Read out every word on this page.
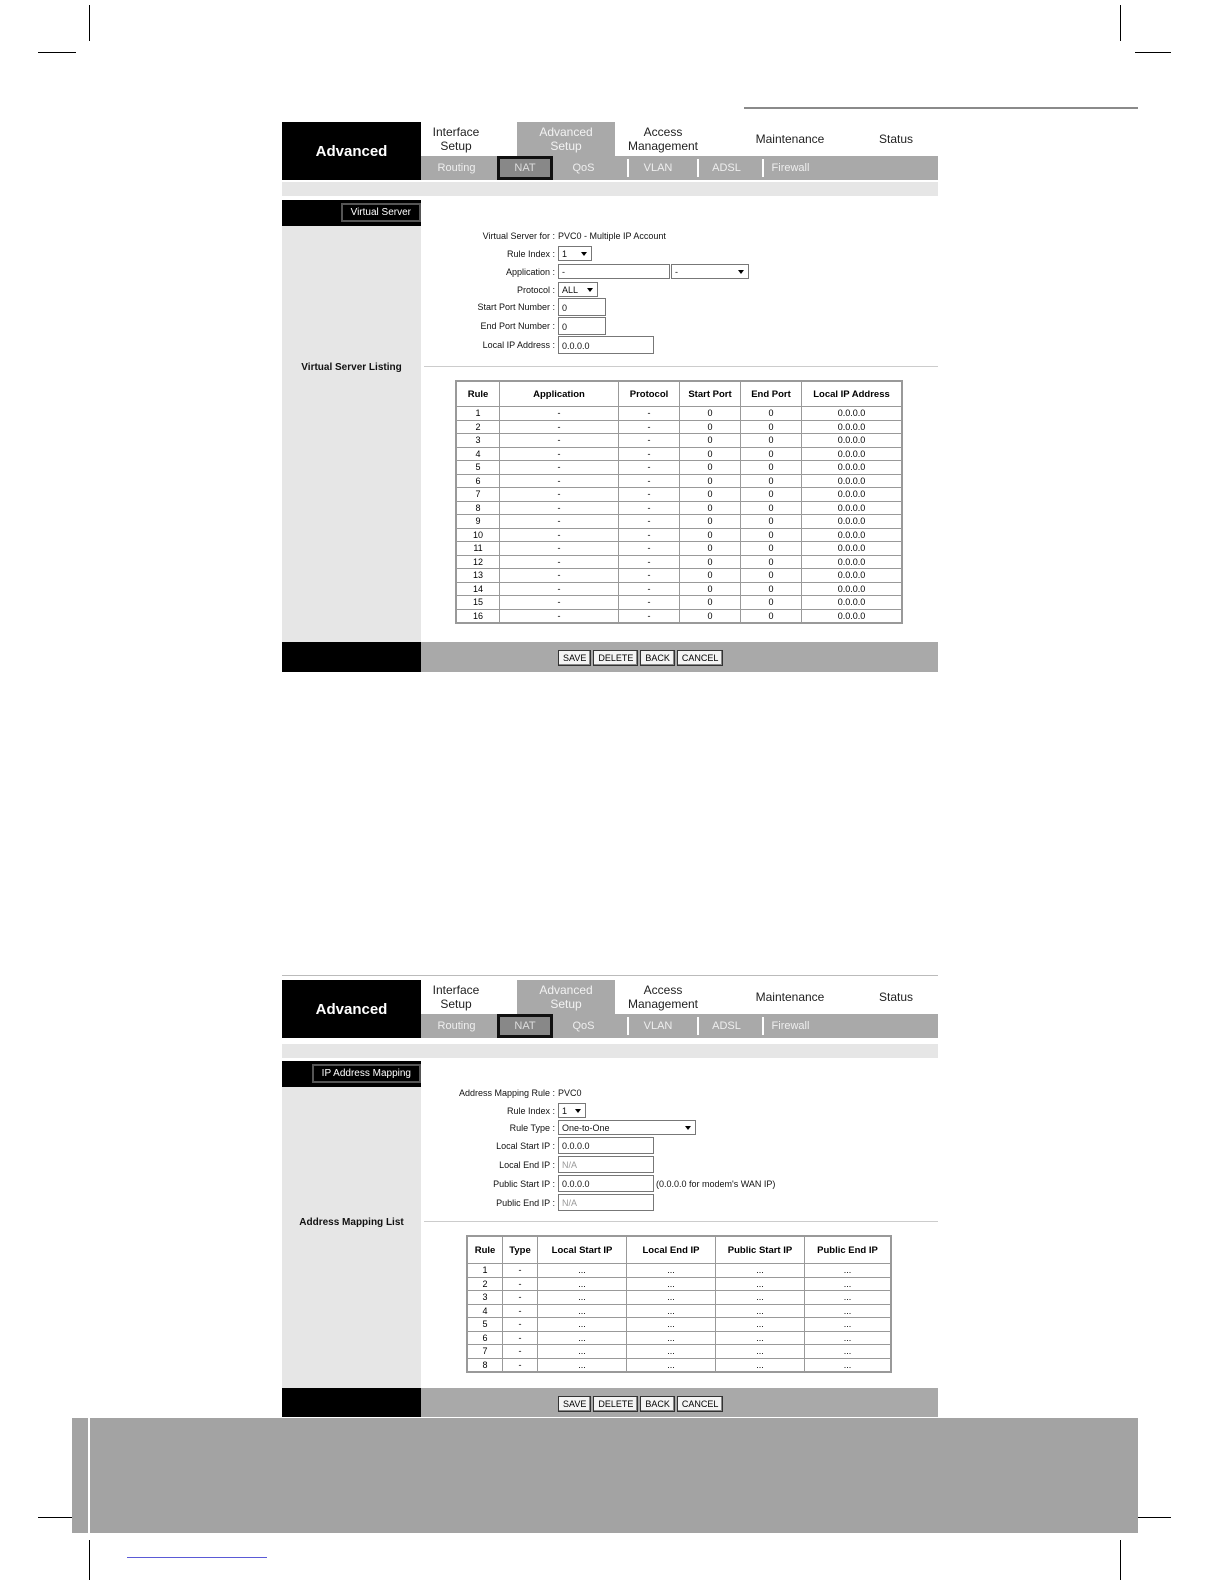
Advanced
Interface
Setup
Advanced
Setup
Access
Management	Maintenance	Status
Routing	NAT	QoS	VLAN	ADSL	Firewall
Virtual Server
Virtual Server Listing
Virtual Server for : PVC0 - Multiple IP Account
Rule Index : 1
Application : -	-
Protocol : ALL
Start Port Number : 0
End Port Number : 0
Local IP Address : 0.0.0.0
Rule	Application	Protocol	Start Port	End Port	Local IP Address
1	-	-	0	0	0.0.0.0
2	-	-	0	0	0.0.0.0
3	-	-	0	0	0.0.0.0
4	-	-	0	0	0.0.0.0
5	-	-	0	0	0.0.0.0
6	-	-	0	0	0.0.0.0
7	-	-	0	0	0.0.0.0
8	-	-	0	0	0.0.0.0
9	-	-	0	0	0.0.0.0
10	-	-	0	0	0.0.0.0
11	-	-	0	0	0.0.0.0
12	-	-	0	0	0.0.0.0
13	-	-	0	0	0.0.0.0
14	-	-	0	0	0.0.0.0
15	-	-	0	0	0.0.0.0
16	-	-	0	0	0.0.0.0
SAVE	DELETE	BACK	CANCEL
Advanced
Interface
Setup
Advanced
Setup
Access
Management	Maintenance	Status
Routing	NAT	QoS	VLAN	ADSL	Firewall
IP Address Mapping
Address Mapping List
Address Mapping Rule : PVC0
Rule Index : 1
Rule Type : One-to-One
Local Start IP : 0.0.0.0
Local End IP : N/A
Public Start IP : 0.0.0.0	(0.0.0.0 for modem's WAN IP)
Public End IP : N/A
Rule	Type	Local Start IP	Local End IP	Public Start IP	Public End IP
1	-	...	...	...	...
2	-	...	...	...	...
3	-	...	...	...	...
4	-	...	...	...	...
5	-	...	...	...	...
6	-	...	...	...	...
7	-	...	...	...	...
8	-	...	...	...	...
SAVE	DELETE	BACK	CANCEL
